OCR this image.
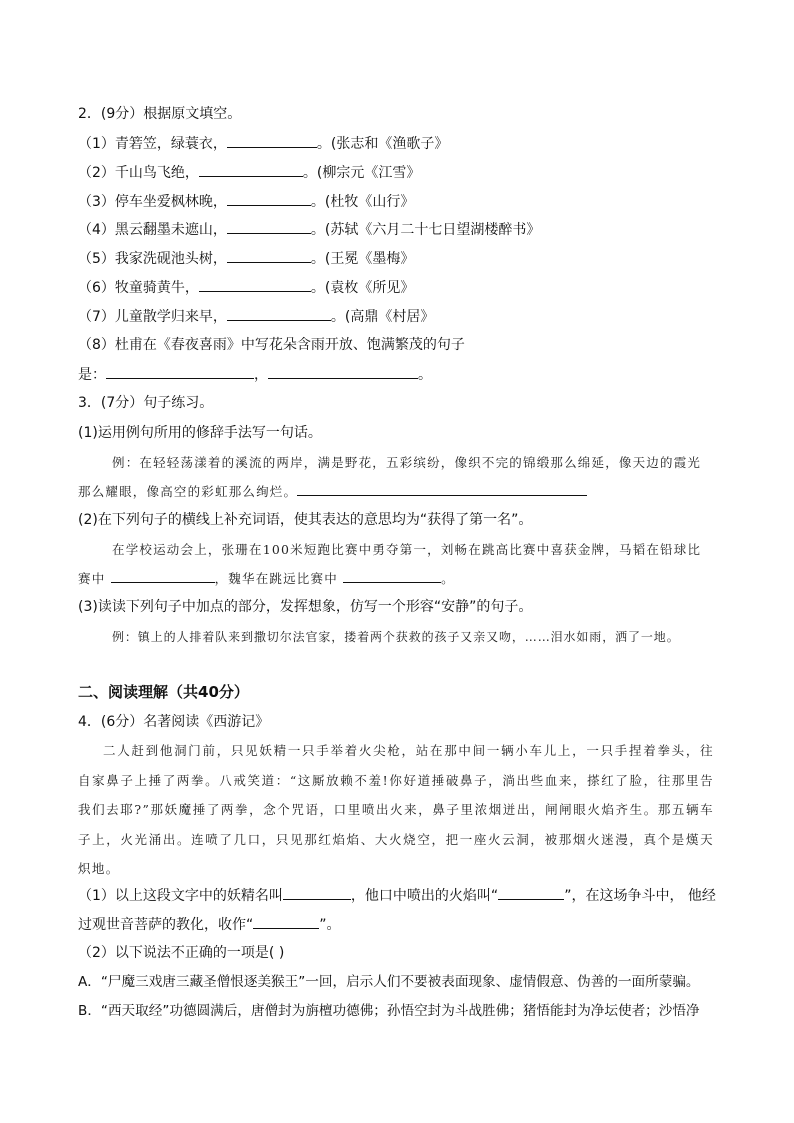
2．(9分）根据原文填空。
（1）青箬笠，绿蓑衣，	。(张志和《渔歌子》
（2）千山鸟飞绝，	。(柳宗元《江雪》
（3）停车坐爱枫林晚，	。(杜牧《山行》
（4）黑云翻墨未遮山，	。(苏轼《六月二十七日望湖楼醉书》
（5）我家洗砚池头树，	。(王冕《墨梅》
（6）牧童骑黄牛，	。(袁枚《所见》
（7）儿童散学归来早，	。(高鼎《村居》
（8）杜甫在《春夜喜雨》中写花朵含雨开放、饱满繁茂的句子
是：	，	。
3．(7分）句子练习。
(1)运用例句所用的修辞手法写一句话。
例：在轻轻荡漾着的溪流的两岸，满是野花，五彩缤纷，像织不完的锦缎那么绵延，像天边的霞光
那么耀眼，像高空的彩虹那么绚烂。
(2)在下列句子的横线上补充词语，使其表达的意思均为“获得了第一名”。
在学校运动会上，张珊在100米短跑比赛中勇夺第一，刘畅在跳高比赛中喜获金牌，马韬在铅球比
赛中	，魏华在跳远比赛中	。
(3)读读下列句子中加点的部分，发挥想象，仿写一个形容“安静”的句子。
例：镇上的人排着队来到撒切尔法官家，搂着两个获救的孩子又亲又吻，……泪水如雨，洒了一地。
二、阅读理解（共40分）
4．(6分）名著阅读《西游记》
二人赶到他洞门前，只见妖精一只手举着火尖枪，站在那中间一辆小车儿上，一只手捏着拳头，往自家鼻子上捶了两拳。八戒笑道：“这厮放赖不羞!你好道捶破鼻子，淌出些血来，搽红了脸，往那里告我们去耶?”那妖魔捶了两拳，念个咒语，口里喷出火来，鼻子里浓烟迸出，闸闸眼火焰齐生。那五辆车子上，火光涌出。连喷了几口，只见那红焰焰、大火烧空，把一座火云洞，被那烟火迷漫，真个是熯天炽地。
（1）以上这段文字中的妖精名叫	，他口中喷出的火焰叫“	”，在这场争斗中， 他经
过观世音菩萨的教化，收作“	”。
（2）以下说法不正确的一项是( )
A．“尸魔三戏唐三藏圣僧恨逐美猴王”一回，启示人们不要被表面现象、虚情假意、伪善的一面所蒙骗。
B．“西天取经”功德圆满后，唐僧封为旃檀功德佛；孙悟空封为斗战胜佛；猪悟能封为净坛使者；沙悟净
